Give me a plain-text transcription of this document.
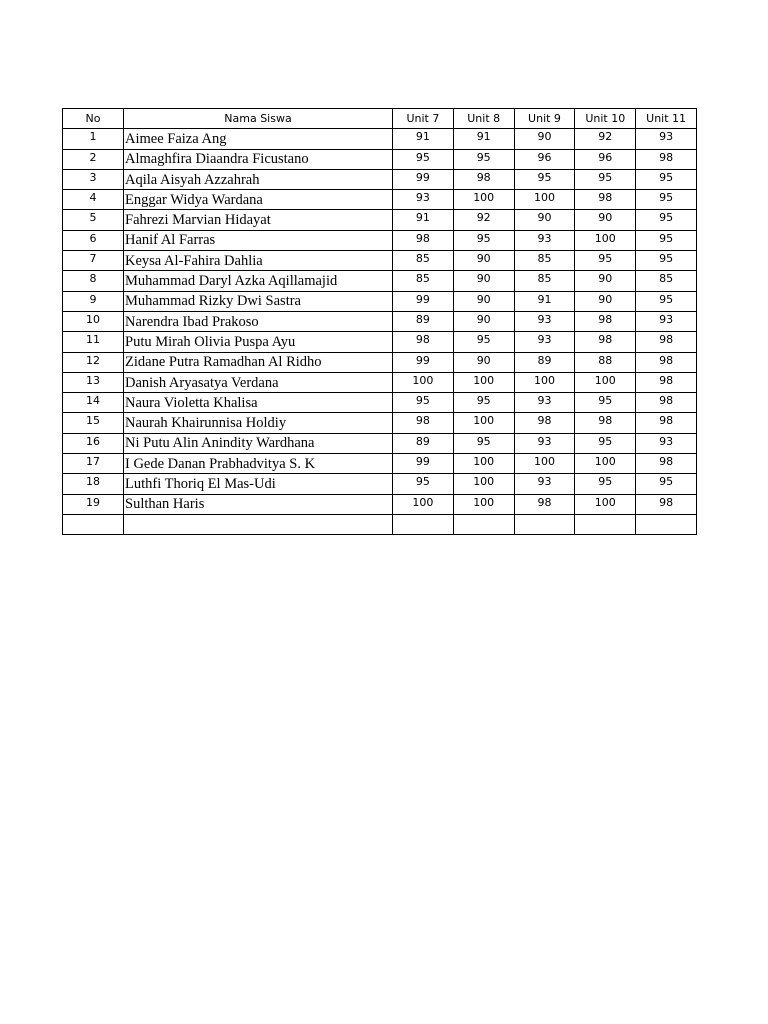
No	Nama Siswa	Unit 7	Unit 8	Unit 9	Unit 10	Unit 11
1	Aimee Faiza Ang	91	91	90	92	93
2	Almaghfira Diaandra Ficustano	95	95	96	96	98
3	Aqila Aisyah Azzahrah	99	98	95	95	95
4	Enggar Widya Wardana	93	100	100	98	95
5	Fahrezi Marvian Hidayat	91	92	90	90	95
6	Hanif Al Farras	98	95	93	100	95
7	Keysa Al-Fahira Dahlia	85	90	85	95	95
8	Muhammad Daryl Azka Aqillamajid	85	90	85	90	85
9	Muhammad Rizky Dwi Sastra	99	90	91	90	95
10	Narendra Ibad Prakoso	89	90	93	98	93
11	Putu Mirah Olivia Puspa Ayu	98	95	93	98	98
12	Zidane Putra Ramadhan Al Ridho	99	90	89	88	98
13	Danish Aryasatya Verdana	100	100	100	100	98
14	Naura Violetta Khalisa	95	95	93	95	98
15	Naurah Khairunnisa Holdiy	98	100	98	98	98
16	Ni Putu Alin Anindity Wardhana	89	95	93	95	93
17	I Gede Danan Prabhadvitya S. K	99	100	100	100	98
18	Luthfi Thoriq El Mas-Udi	95	100	93	95	95
19	Sulthan Haris	100	100	98	100	98
